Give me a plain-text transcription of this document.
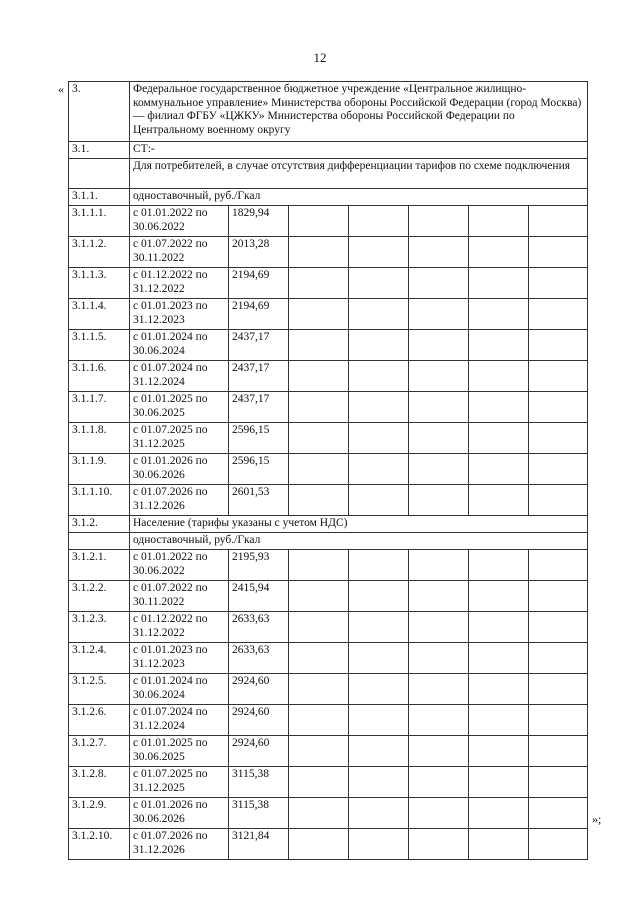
12
« 3.	Федеральное государственное бюджетное учреждение «Центральное жилищно-коммунальное управление» Министерства обороны Российской Федерации (город Москва) — филиал ФГБУ «ЦЖКУ» Министерства обороны Российской Федерации по Центральному военному округу						
3.1.	СТ:-						
	Для потребителей, в случае отсутствия дифференциации тарифов по схеме подключения						
3.1.1.	одноставочный, руб./Гкал						
3.1.1.1.	с 01.01.2022 по 30.06.2022	1829,94					
3.1.1.2.	с 01.07.2022 по 30.11.2022	2013,28					
3.1.1.3.	с 01.12.2022 по 31.12.2022	2194,69					
3.1.1.4.	с 01.01.2023 по 31.12.2023	2194,69					
3.1.1.5.	с 01.01.2024 по 30.06.2024	2437,17					
3.1.1.6.	с 01.07.2024 по 31.12.2024	2437,17					
3.1.1.7.	с 01.01.2025 по 30.06.2025	2437,17					
3.1.1.8.	с 01.07.2025 по 31.12.2025	2596,15					
3.1.1.9.	с 01.01.2026 по 30.06.2026	2596,15					
3.1.1.10.	с 01.07.2026 по 31.12.2026	2601,53					
3.1.2.	Население (тарифы указаны с учетом НДС)						
	одноставочный, руб./Гкал						
3.1.2.1.	с 01.01.2022 по 30.06.2022	2195,93					
3.1.2.2.	с 01.07.2022 по 30.11.2022	2415,94					
3.1.2.3.	с 01.12.2022 по 31.12.2022	2633,63					
3.1.2.4.	с 01.01.2023 по 31.12.2023	2633,63					
3.1.2.5.	с 01.01.2024 по 30.06.2024	2924,60					
3.1.2.6.	с 01.07.2024 по 31.12.2024	2924,60					
3.1.2.7.	с 01.01.2025 по 30.06.2025	2924,60					
3.1.2.8.	с 01.07.2025 по 31.12.2025	3115,38					
3.1.2.9.	с 01.01.2026 по 30.06.2026	3115,38					
3.1.2.10.	с 01.07.2026 по 31.12.2026	3121,84					
»;
